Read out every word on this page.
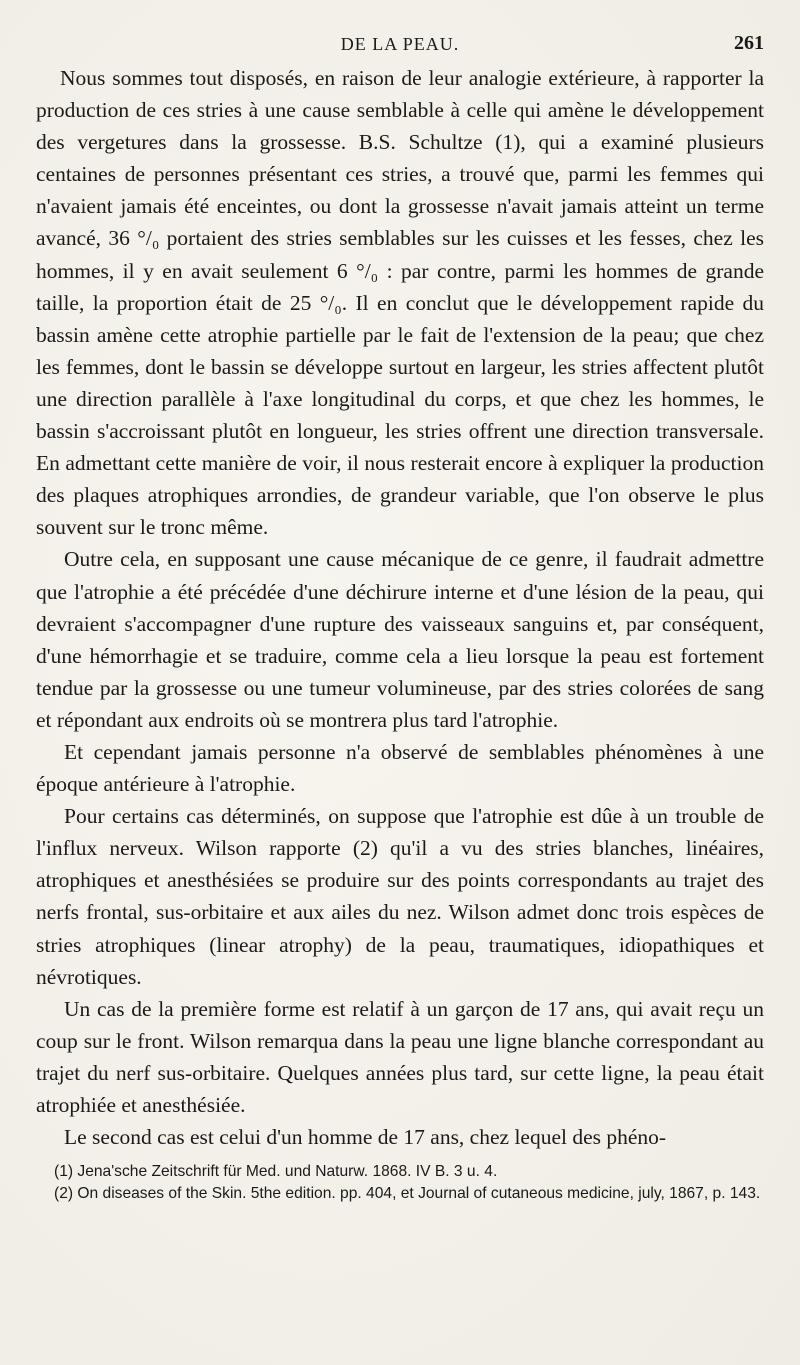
DE LA PEAU.	261

Nous sommes tout disposés, en raison de leur analogie extérieure, à rapporter la production de ces stries à une cause semblable à celle qui amène le développement des vergetures dans la grossesse. B.S. Schultze (1), qui a examiné plusieurs centaines de personnes présentant ces stries, a trouvé que, parmi les femmes qui n'avaient jamais été enceintes, ou dont la grossesse n'avait jamais atteint un terme avancé, 36 °/₀ portaient des stries semblables sur les cuisses et les fesses, chez les hommes, il y en avait seulement 6 °/₀ : par contre, parmi les hommes de grande taille, la proportion était de 25 °/₀. Il en conclut que le développement rapide du bassin amène cette atrophie partielle par le fait de l'extension de la peau; que chez les femmes, dont le bassin se développe surtout en largeur, les stries affectent plutôt une direction parallèle à l'axe longitudinal du corps, et que chez les hommes, le bassin s'accroissant plutôt en longueur, les stries offrent une direction transversale. En admettant cette manière de voir, il nous resterait encore à expliquer la production des plaques atrophiques arrondies, de grandeur variable, que l'on observe le plus souvent sur le tronc même.

Outre cela, en supposant une cause mécanique de ce genre, il faudrait admettre que l'atrophie a été précédée d'une déchirure interne et d'une lésion de la peau, qui devraient s'accompagner d'une rupture des vaisseaux sanguins et, par conséquent, d'une hémorrhagie et se traduire, comme cela a lieu lorsque la peau est fortement tendue par la grossesse ou une tumeur volumineuse, par des stries colorées de sang et répondant aux endroits où se montrera plus tard l'atrophie.

Et cependant jamais personne n'a observé de semblables phénomènes à une époque antérieure à l'atrophie.

Pour certains cas déterminés, on suppose que l'atrophie est dûe à un trouble de l'influx nerveux. Wilson rapporte (2) qu'il a vu des stries blanches, linéaires, atrophiques et anesthésiées se produire sur des points correspondants au trajet des nerfs frontal, sus-orbitaire et aux ailes du nez. Wilson admet donc trois espèces de stries atrophiques (linear atrophy) de la peau, traumatiques, idiopathiques et névrotiques.

Un cas de la première forme est relatif à un garçon de 17 ans, qui avait reçu un coup sur le front. Wilson remarqua dans la peau une ligne blanche correspondant au trajet du nerf sus-orbitaire. Quelques années plus tard, sur cette ligne, la peau était atrophiée et anesthésiée.

Le second cas est celui d'un homme de 17 ans, chez lequel des phéno-

(1) Jena'sche Zeitschrift für Med. und Naturw. 1868. IV B. 3 u. 4.

(2) On diseases of the Skin. 5the edition. pp. 404, et Journal of cutaneous medicine, july, 1867, p. 143.
